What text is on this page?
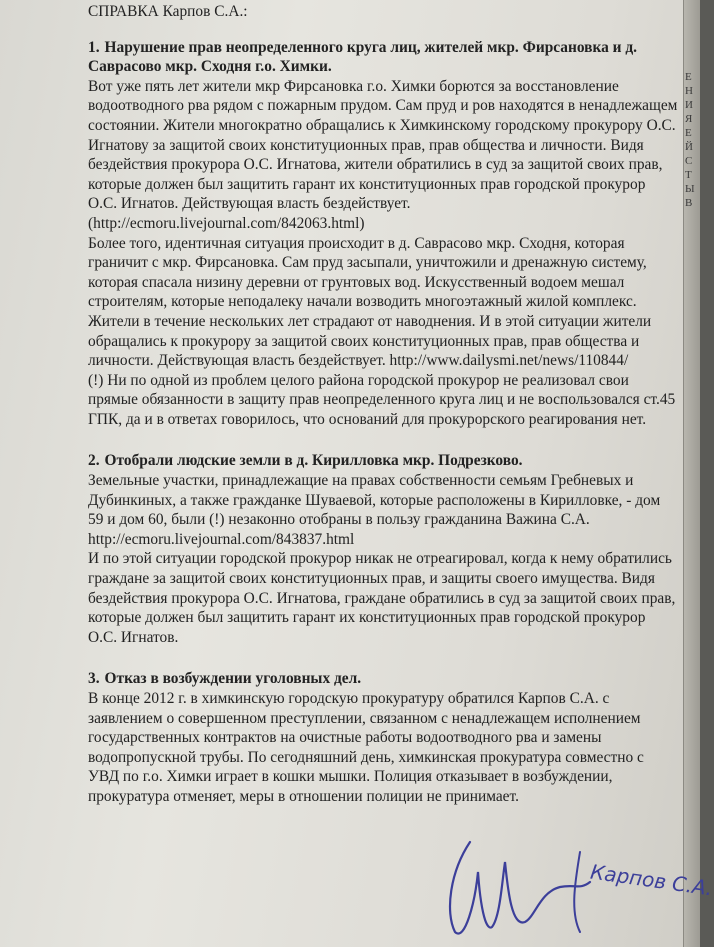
ЕНИЯ ЕЙСТ ЫВ
СПРАВКА Карпов С.А.:

1. Нарушение прав неопределенного круга лиц, жителей мкр. Фирсановка и д. Саврасово мкр. Сходня г.о. Химки.

Вот уже пять лет жители мкр Фирсановка г.о. Химки борются за восстановление водоотводного рва рядом с пожарным прудом. Сам пруд и ров находятся в ненадлежащем состоянии. Жители многократно обращались к Химкинскому городскому прокурору О.С. Игнатову за защитой своих конституционных прав, прав общества и личности. Видя бездействия прокурора О.С. Игнатова, жители обратились в суд за защитой своих прав, которые должен был защитить гарант их конституционных прав городской прокурор О.С. Игнатов. Действующая власть бездействует. (http://ecmoru.livejournal.com/842063.html)
Более того, идентичная ситуация происходит в д. Саврасово мкр. Сходня, которая граничит с мкр. Фирсановка. Сам пруд засыпали, уничтожили и дренажную систему, которая спасала низину деревни от грунтовых вод. Искусственный водоем мешал строителям, которые неподалеку начали возводить многоэтажный жилой комплекс. Жители в течение нескольких лет страдают от наводнения. И в этой ситуации жители обращались к прокурору за защитой своих конституционных прав, прав общества и личности. Действующая власть бездействует. http://www.dailysmi.net/news/110844/
(!) Ни по одной из проблем целого района городской прокурор не реализовал свои прямые обязанности в защиту прав неопределенного круга лиц и не воспользовался ст.45 ГПК, да и в ответах говорилось, что оснований для прокурорского реагирования нет.

2. Отобрали людские земли в д. Кирилловка мкр. Подрезково.

Земельные участки, принадлежащие на правах собственности семьям Гребневых и Дубинкиных, а также гражданке Шуваевой, которые расположены в Кирилловке, - дом 59 и дом 60, были (!) незаконно отобраны в пользу гражданина Важина С.А. http://ecmoru.livejournal.com/843837.html
И по этой ситуации городской прокурор никак не отреагировал, когда к нему обратились граждане за защитой своих конституционных прав, и защиты своего имущества. Видя бездействия прокурора О.С. Игнатова, граждане обратились в суд за защитой своих прав, которые должен был защитить гарант их конституционных прав городской прокурор О.С. Игнатов.

3. Отказ в возбуждении уголовных дел.

В конце 2012 г. в химкинскую городскую прокуратуру обратился Карпов С.А. с заявлением о совершенном преступлении, связанном с ненадлежащем исполнением государственных контрактов на очистные работы водоотводного рва и замены водопропускной трубы. По сегодняшний день, химкинская прокуратура совместно с УВД по г.о. Химки играет в кошки мышки. Полиция отказывает в возбуждении, прокуратура отменяет, меры в отношении полиции не принимает.
Карпов С.А.
